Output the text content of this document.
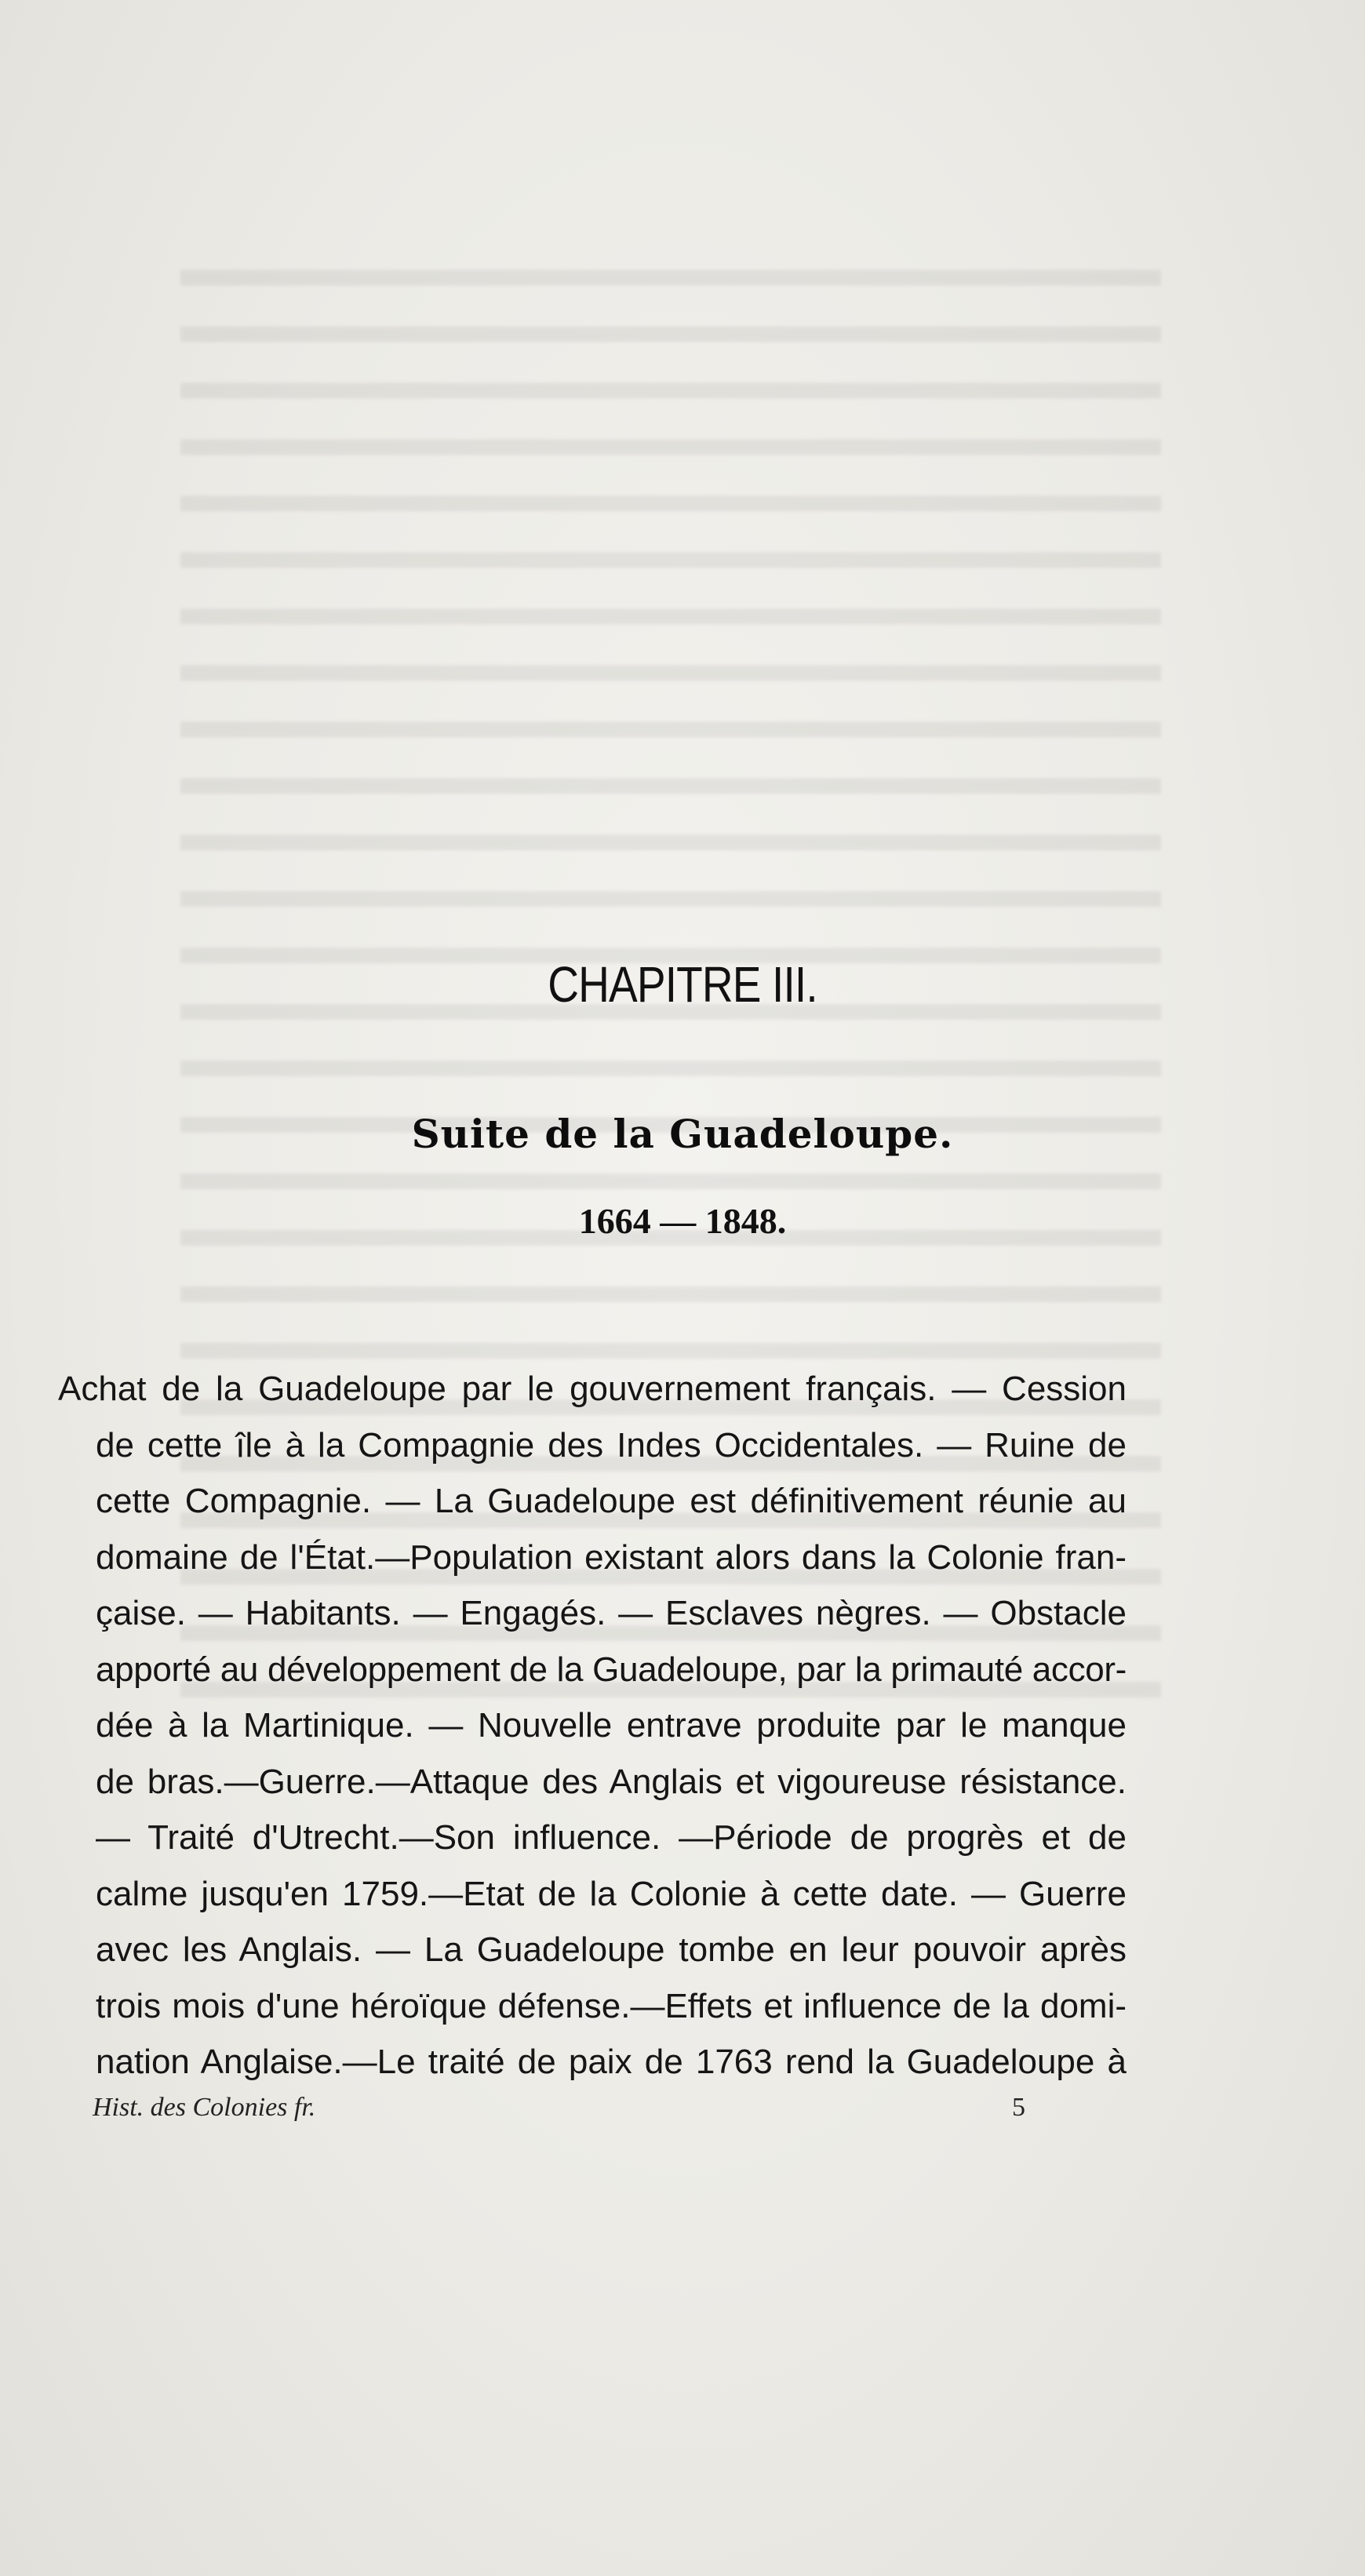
CHAPITRE III.
Suite de la Guadeloupe.
1664 — 1848.
Achat de la Guadeloupe par le gouvernement français. — Cession
de cette île à la Compagnie des Indes Occidentales. — Ruine de
cette Compagnie. — La Guadeloupe est définitivement réunie au
domaine de l'État.—Population existant alors dans la Colonie fran-
çaise. — Habitants. — Engagés. — Esclaves nègres. — Obstacle
apporté au développement de la Guadeloupe, par la primauté accor-
dée à la Martinique. — Nouvelle entrave produite par le manque
de bras.—Guerre.—Attaque des Anglais et vigoureuse résistance.
— Traité d'Utrecht.—Son influence. —Période de progrès et de
calme jusqu'en 1759.—Etat de la Colonie à cette date. — Guerre
avec les Anglais. — La Guadeloupe tombe en leur pouvoir après
trois mois d'une héroïque défense.—Effets et influence de la domi-
nation Anglaise.—Le traité de paix de 1763 rend la Guadeloupe à
Hist. des Colonies fr.	5
